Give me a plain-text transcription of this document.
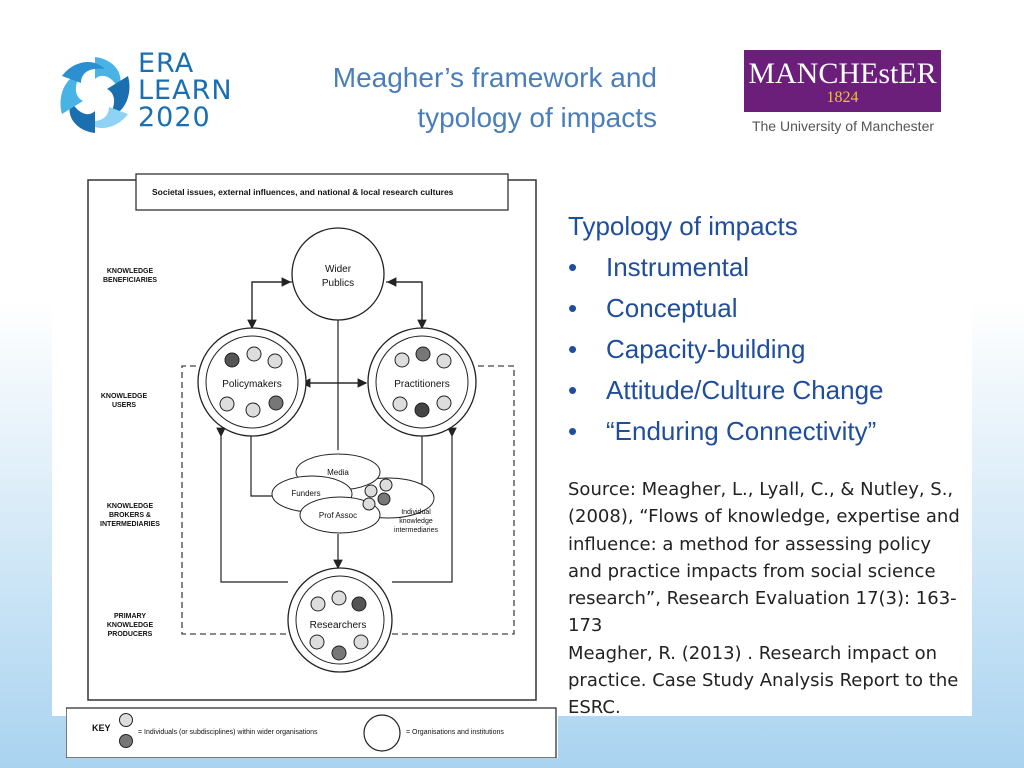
ERA
LEARN
2020
Meagher’s framework and
typology of impacts
MANCHEstER
1824
The University of Manchester
Societal issues, external influences, and national & local research cultures
KNOWLEDGE
BENEFICIARIES
KNOWLEDGE
USERS
KNOWLEDGE
BROKERS &
INTERMEDIARIES
PRIMARY
KNOWLEDGE
PRODUCERS
Wider
Publics
Policymakers	Practitioners
Media
Funders
Prof Assoc	Individual
knowledge
intermediaries
Researchers
KEY	= Individuals (or subdisciplines) within wider organisations	= Organisations and institutions
Typology of impacts
• Instrumental
• Conceptual
• Capacity-building
• Attitude/Culture Change
• “Enduring Connectivity”

Source: Meagher, L., Lyall, C., & Nutley, S., (2008), “Flows of knowledge, expertise and influence: a method for assessing policy and practice impacts from social science research”, Research Evaluation 17(3): 163-173

Meagher, R. (2013) . Research impact on practice. Case Study Analysis Report to the ESRC.
